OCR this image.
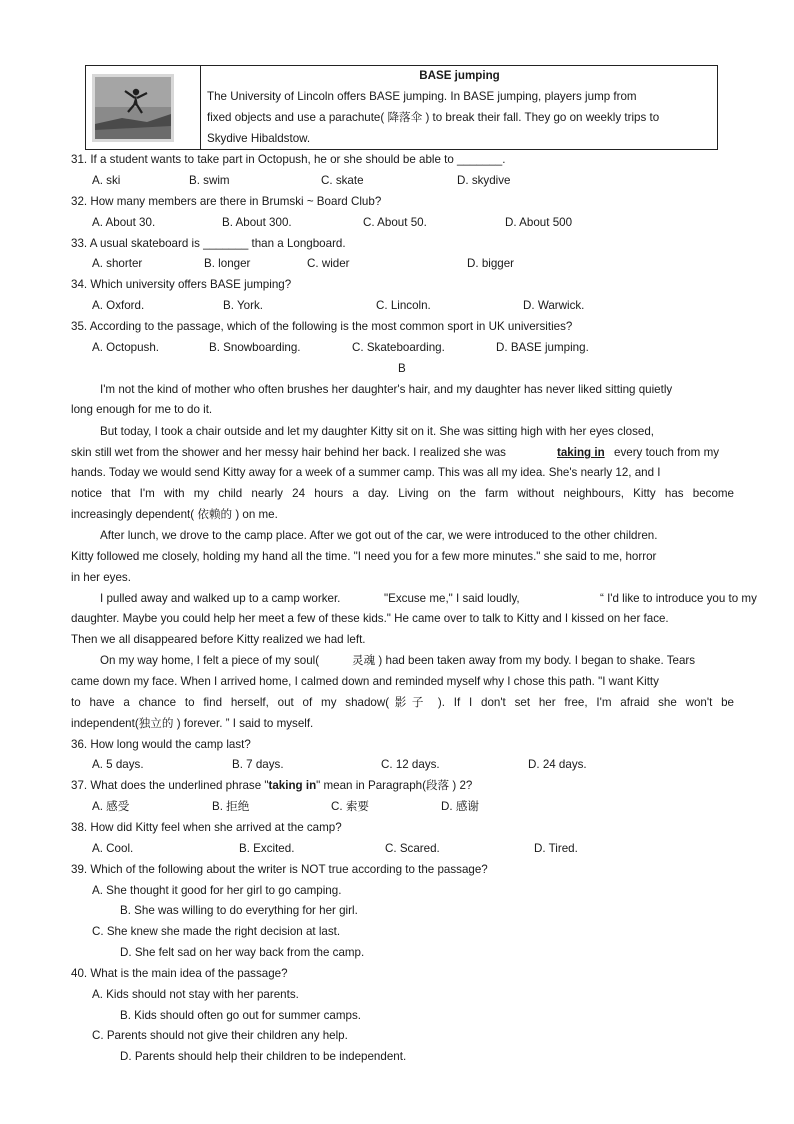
BASE jumping
The University of Lincoln offers BASE jumping. In BASE jumping, players jump from
fixed objects and use a parachute( 降落伞 ) to break their fall. They go on weekly trips to
Skydive Hibaldstow.
31. If a student wants to take part in Octopush, he or she should be able to _______.
A. ski	B. swim	C. skate	D. skydive
32. How many members are there in Brumski ~ Board Club?
A. About 30.	B. About 300.	C. About 50.	D. About 500
33. A usual skateboard is _______ than a Longboard.
A. shorter	B. longer	C. wider	D. bigger
34. Which university offers BASE jumping?
A. Oxford.	B. York.	C. Lincoln.	D. Warwick.
35. According to the passage, which of the following is the most common sport in UK universities?
A. Octopush.	B. Snowboarding.	C. Skateboarding.	D. BASE jumping.
B
I'm not the kind of mother who often brushes her daughter's hair, and my daughter has never liked sitting quietly
long enough for me to do it.
But today, I took a chair outside and let my daughter Kitty sit on it. She was sitting high with her eyes closed,
skin still wet from the shower and her messy hair behind her back. I realized she was	taking in every touch from my
hands. Today we would send Kitty away for a week of a summer camp. This was all my idea. She's nearly 12, and I
notice that I'm with my child nearly 24 hours a day. Living on the farm without neighbours, Kitty has become
increasingly dependent( 依赖的 ) on me.
After lunch, we drove to the camp place. After we got out of the car, we were introduced to the other children.
Kitty followed me closely, holding my hand all the time. "I need you for a few more minutes." she said to me, horror
in her eyes.
I pulled away and walked up to a camp worker.	"Excuse me," I said loudly,	“ I'd like to introduce you to my
daughter. Maybe you could help her meet a few of these kids." He came over to talk to Kitty and I kissed on her face.
Then we all disappeared before Kitty realized we had left.
On my way home, I felt a piece of my soul(	灵魂 ) had been taken away from my body. I began to shake. Tears
came down my face. When I arrived home, I calmed down and reminded myself why I chose this path. "I want Kitty
to have a chance to find herself, out of my shadow(影子 ). If I don't set her free, I'm afraid she won't be
independent(独立的 ) forever. ” I said to myself.
36. How long would the camp last?
A. 5 days.	B. 7 days.	C. 12 days.	D. 24 days.
37. What does the underlined phrase "taking in" mean in Paragraph(段落 ) 2?
A. 感受	B. 拒绝	C. 索要	D. 感谢
38. How did Kitty feel when she arrived at the camp?
A. Cool.	B. Excited.	C. Scared.	D. Tired.
39. Which of the following about the writer is NOT true according to the passage?
A. She thought it good for her girl to go camping.
B. She was willing to do everything for her girl.
C. She knew she made the right decision at last.
D. She felt sad on her way back from the camp.
40. What is the main idea of the passage?
A. Kids should not stay with her parents.
B. Kids should often go out for summer camps.
C. Parents should not give their children any help.
D. Parents should help their children to be independent.
